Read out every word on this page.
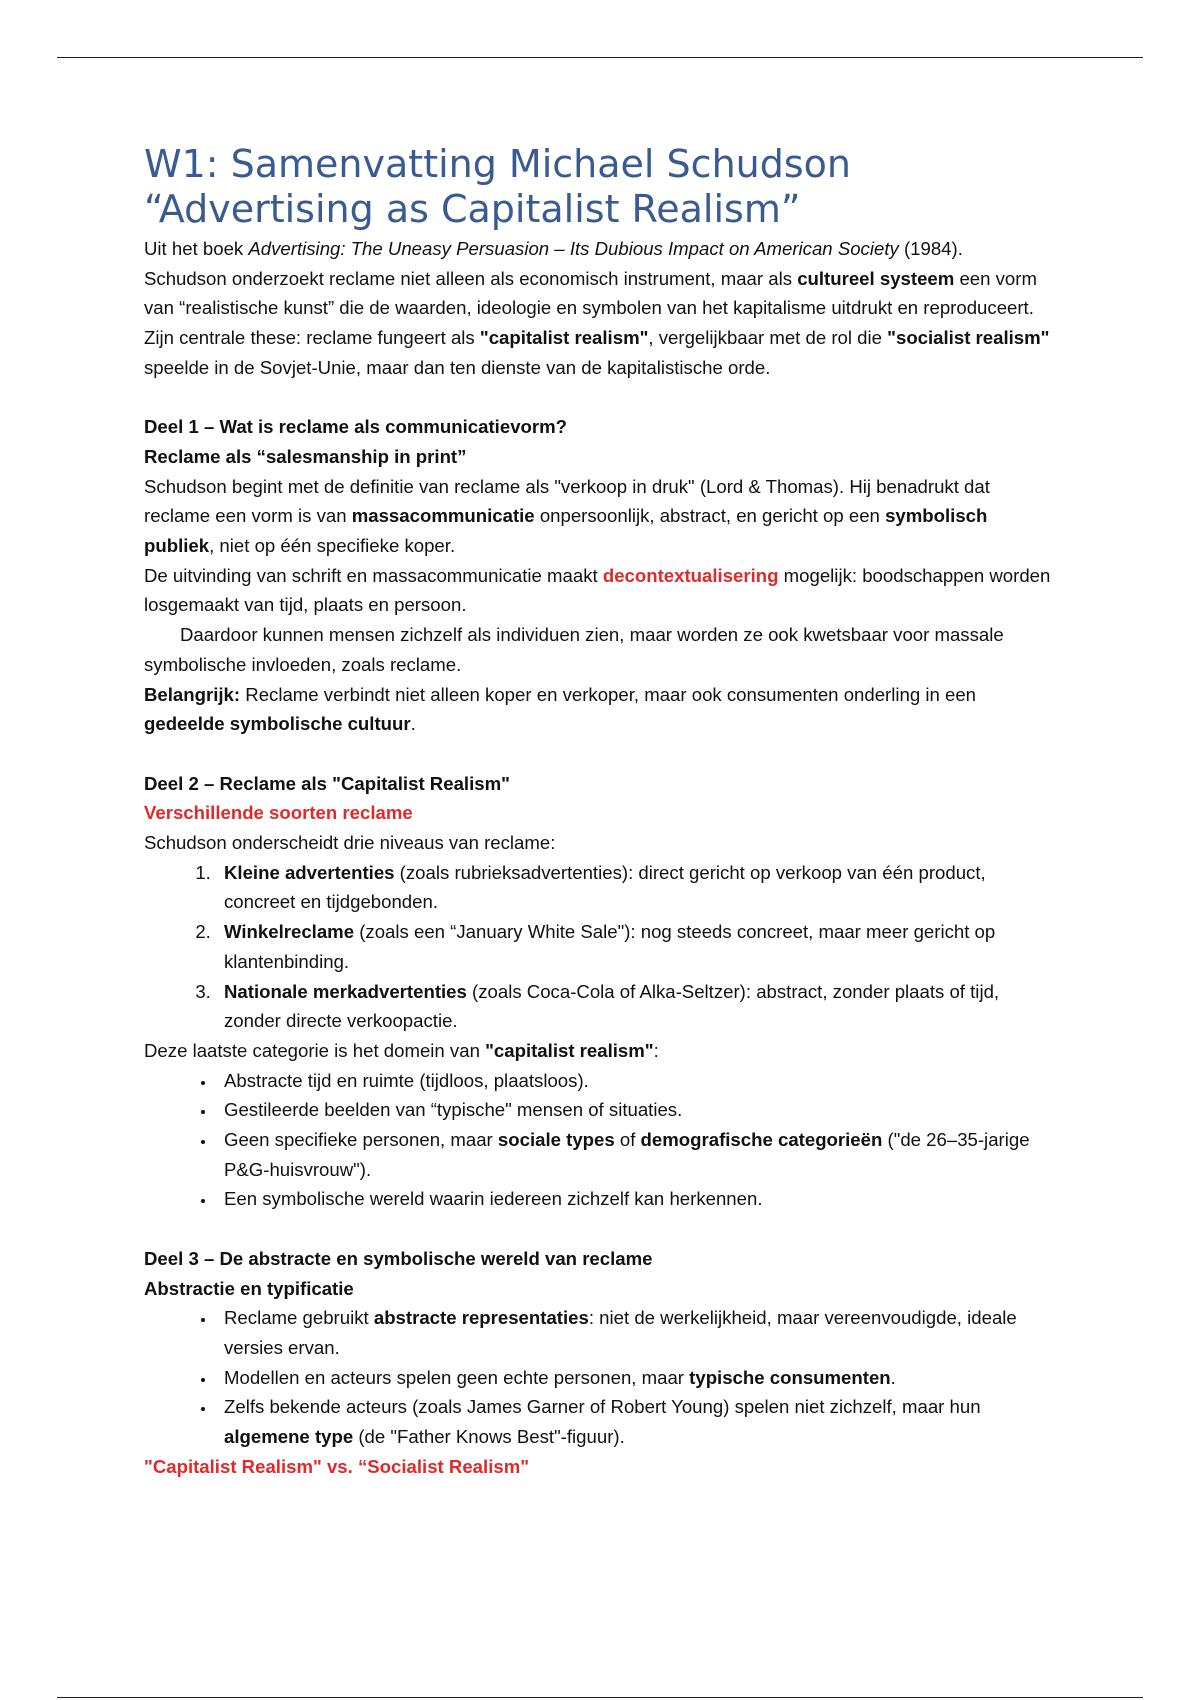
W1: Samenvatting Michael Schudson
“Advertising as Capitalist Realism”

Uit het boek Advertising: The Uneasy Persuasion – Its Dubious Impact on American Society (1984).

Schudson onderzoekt reclame niet alleen als economisch instrument, maar als cultureel systeem een vorm van “realistische kunst” die de waarden, ideologie en symbolen van het kapitalisme uitdrukt en reproduceert. Zijn centrale these: reclame fungeert als "capitalist realism", vergelijkbaar met de rol die "socialist realism" speelde in de Sovjet-Unie, maar dan ten dienste van de kapitalistische orde.

Deel 1 – Wat is reclame als communicatievorm?

Reclame als “salesmanship in print”

Schudson begint met de definitie van reclame als "verkoop in druk" (Lord & Thomas). Hij benadrukt dat reclame een vorm is van massacommunicatie onpersoonlijk, abstract, en gericht op een symbolisch publiek, niet op één specifieke koper.

De uitvinding van schrift en massacommunicatie maakt decontextualisering mogelijk: boodschappen worden losgemaakt van tijd, plaats en persoon.

Daardoor kunnen mensen zichzelf als individuen zien, maar worden ze ook kwetsbaar voor massale symbolische invloeden, zoals reclame.

Belangrijk: Reclame verbindt niet alleen koper en verkoper, maar ook consumenten onderling in een gedeelde symbolische cultuur.

Deel 2 – Reclame als "Capitalist Realism"

Verschillende soorten reclame

Schudson onderscheidt drie niveaus van reclame:

1. Kleine advertenties (zoals rubrieksadvertenties): direct gericht op verkoop van één product, concreet en tijdgebonden.
2. Winkelreclame (zoals een “January White Sale"): nog steeds concreet, maar meer gericht op klantenbinding.
3. Nationale merkadvertenties (zoals Coca-Cola of Alka-Seltzer): abstract, zonder plaats of tijd, zonder directe verkoopactie.

Deze laatste categorie is het domein van "capitalist realism":

• Abstracte tijd en ruimte (tijdloos, plaatsloos).
• Gestileerde beelden van “typische" mensen of situaties.
• Geen specifieke personen, maar sociale types of demografische categorieën ("de 26–35-jarige P&G-huisvrouw").
• Een symbolische wereld waarin iedereen zichzelf kan herkennen.

Deel 3 – De abstracte en symbolische wereld van reclame

Abstractie en typificatie

• Reclame gebruikt abstracte representaties: niet de werkelijkheid, maar vereenvoudigde, ideale versies ervan.
• Modellen en acteurs spelen geen echte personen, maar typische consumenten.
• Zelfs bekende acteurs (zoals James Garner of Robert Young) spelen niet zichzelf, maar hun algemene type (de "Father Knows Best"-figuur).

"Capitalist Realism" vs. “Socialist Realism"
